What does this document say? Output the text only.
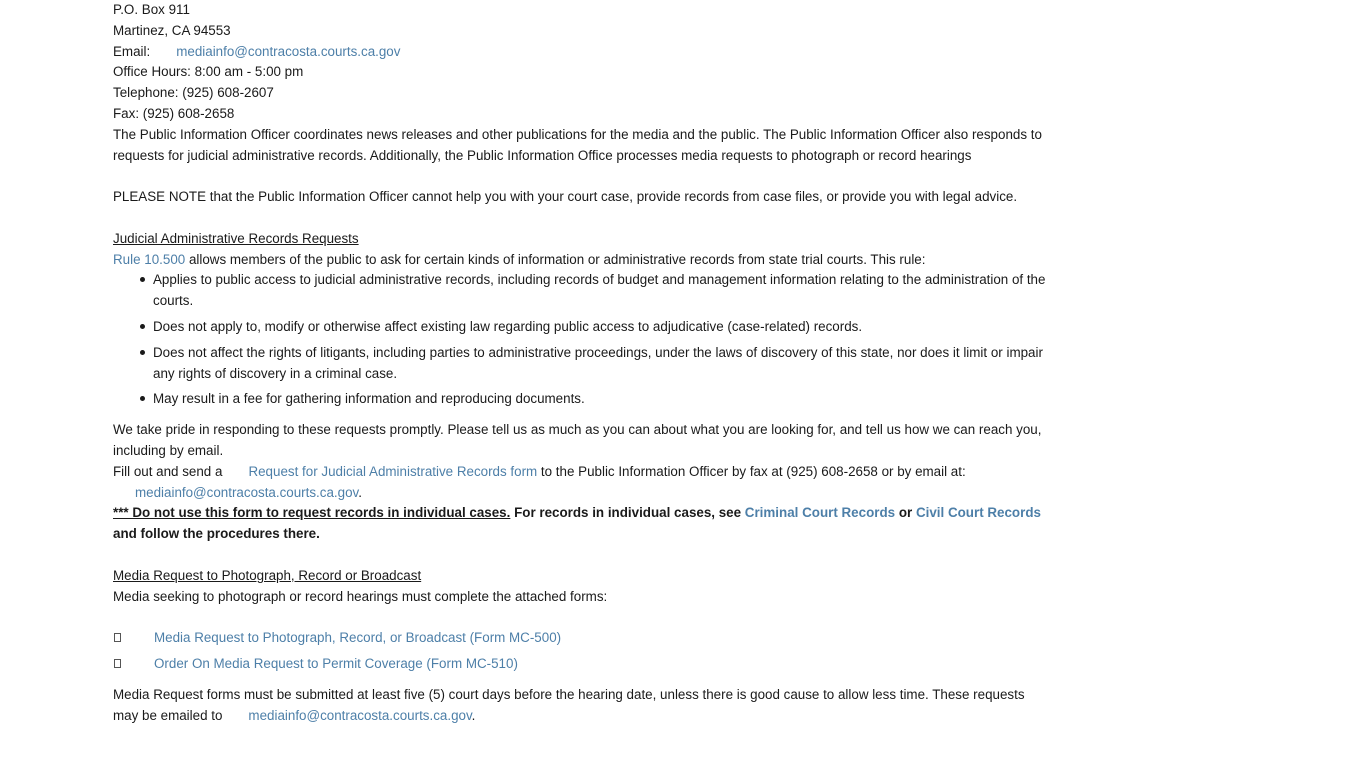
P.O. Box 911
Martinez, CA 94553
Email: mediainfo@contracosta.courts.ca.gov
Office Hours: 8:00 am - 5:00 pm
Telephone: (925) 608-2607
Fax: (925) 608-2658
The Public Information Officer coordinates news releases and other publications for the media and the public. The Public Information Officer also responds to requests for judicial administrative records. Additionally, the Public Information Office processes media requests to photograph or record hearings
PLEASE NOTE that the Public Information Officer cannot help you with your court case, provide records from case files, or provide you with legal advice.
Judicial Administrative Records Requests
Rule 10.500 allows members of the public to ask for certain kinds of information or administrative records from state trial courts. This rule:
Applies to public access to judicial administrative records, including records of budget and management information relating to the administration of the courts.
Does not apply to, modify or otherwise affect existing law regarding public access to adjudicative (case-related) records.
Does not affect the rights of litigants, including parties to administrative proceedings, under the laws of discovery of this state, nor does it limit or impair any rights of discovery in a criminal case.
May result in a fee for gathering information and reproducing documents.
We take pride in responding to these requests promptly. Please tell us as much as you can about what you are looking for, and tell us how we can reach you, including by email.
Fill out and send a Request for Judicial Administrative Records form to the Public Information Officer by fax at (925) 608-2658 or by email at:
mediainfo@contracosta.courts.ca.gov.
*** Do not use this form to request records in individual cases. For records in individual cases, see Criminal Court Records or Civil Court Records and follow the procedures there.
Media Request to Photograph, Record or Broadcast
Media seeking to photograph or record hearings must complete the attached forms:
Media Request to Photograph, Record, or Broadcast (Form MC-500)
Order On Media Request to Permit Coverage (Form MC-510)
Media Request forms must be submitted at least five (5) court days before the hearing date, unless there is good cause to allow less time. These requests may be emailed to mediainfo@contracosta.courts.ca.gov.
